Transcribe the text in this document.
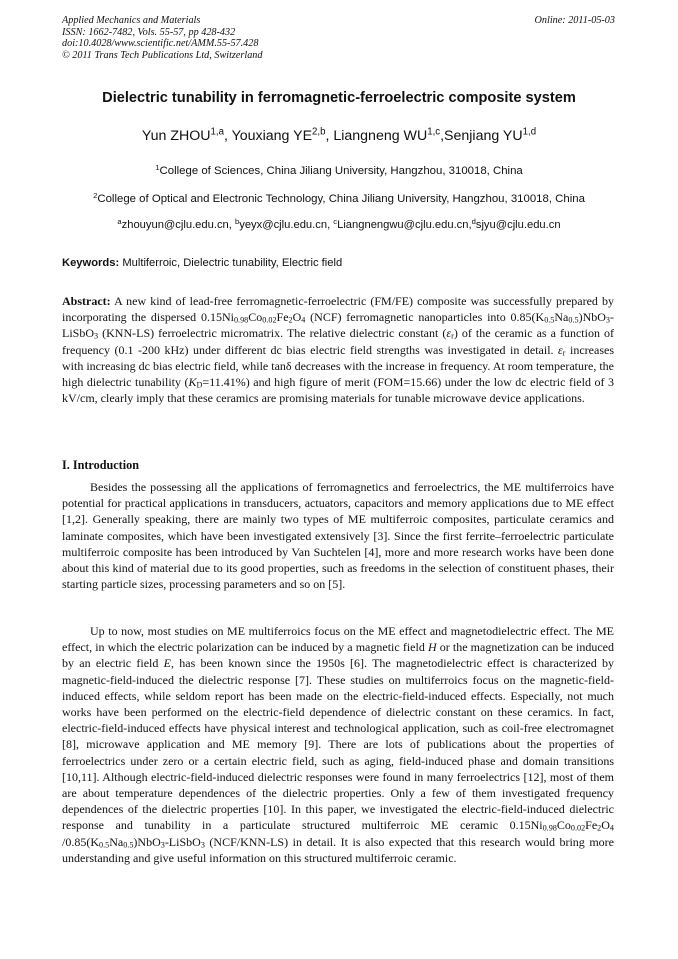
Applied Mechanics and Materials
ISSN: 1662-7482, Vols. 55-57, pp 428-432
doi:10.4028/www.scientific.net/AMM.55-57.428
© 2011 Trans Tech Publications Ltd, Switzerland
Online: 2011-05-03
Dielectric tunability in ferromagnetic-ferroelectric composite system
Yun ZHOU$^{1,a}$, Youxiang YE$^{2,b}$, Liangneng WU$^{1,c}$,Senjiang YU$^{1,d}$
$^1$College of Sciences, China Jiliang University, Hangzhou, 310018, China
$^2$College of Optical and Electronic Technology, China Jiliang University, Hangzhou, 310018, China
$^a$zhouyun@cjlu.edu.cn, $^b$yeyx@cjlu.edu.cn, $^c$Liangnengwu@cjlu.edu.cn,$^d$sjyu@cjlu.edu.cn
Keywords: Multiferroic, Dielectric tunability, Electric field
Abstract: A new kind of lead-free ferromagnetic-ferroelectric (FM/FE) composite was successfully prepared by incorporating the dispersed $0.15Ni_{0.98}Co_{0.02}Fe_2O_4$ (NCF) ferromagnetic nanoparticles into $0.85(K_{0.5}Na_{0.5})NbO_3-LiSbO_3$ (KNN-LS) ferroelectric micromatrix. The relative dielectric constant $(\varepsilon_r)$ of the ceramic as a function of frequency (0.1 -200 kHz) under different dc bias electric field strengths was investigated in detail. $\varepsilon_r$ increases with increasing dc bias electric field, while tanδ decreases with the increase in frequency. At room temperature, the high dielectric tunability $(K_D=11.41\%)$ and high figure of merit (FOM=15.66) under the low dc electric field of 3 kV/cm, clearly imply that these ceramics are promising materials for tunable microwave device applications.
I. Introduction
Besides the possessing all the applications of ferromagnetics and ferroelectrics, the ME multiferroics have potential for practical applications in transducers, actuators, capacitors and memory applications due to ME effect [1,2]. Generally speaking, there are mainly two types of ME multiferroic composites, particulate ceramics and laminate composites, which have been investigated extensively [3]. Since the first ferrite–ferroelectric particulate multiferroic composite has been introduced by Van Suchtelen [4], more and more research works have been done about this kind of material due to its good properties, such as freedoms in the selection of constituent phases, their starting particle sizes, processing parameters and so on [5].
Up to now, most studies on ME multiferroics focus on the ME effect and magnetodielectric effect. The ME effect, in which the electric polarization can be induced by a magnetic field H or the magnetization can be induced by an electric field E, has been known since the 1950s [6]. The magnetodielectric effect is characterized by magnetic-field-induced the dielectric response [7]. These studies on multiferroics focus on the magnetic-field-induced effects, while seldom report has been made on the electric-field-induced effects. Especially, not much works have been performed on the electric-field dependence of dielectric constant on these ceramics. In fact, electric-field-induced effects have physical interest and technological application, such as coil-free electromagnet [8], microwave application and ME memory [9]. There are lots of publications about the properties of ferroelectrics under zero or a certain electric field, such as aging, field-induced phase and domain transitions [10,11]. Although electric-field-induced dielectric responses were found in many ferroelectrics [12], most of them are about temperature dependences of the dielectric properties. Only a few of them investigated frequency dependences of the dielectric properties [10]. In this paper, we investigated the electric-field-induced dielectric response and tunability in a particulate structured multiferroic ME ceramic $0.15Ni_{0.98}Co_{0.02}Fe_2O_4$ $/0.85(K_{0.5}Na_{0.5})NbO_3-LiSbO_3$ (NCF/KNN-LS) in detail. It is also expected that this research would bring more understanding and give useful information on this structured multiferroic ceramic.
